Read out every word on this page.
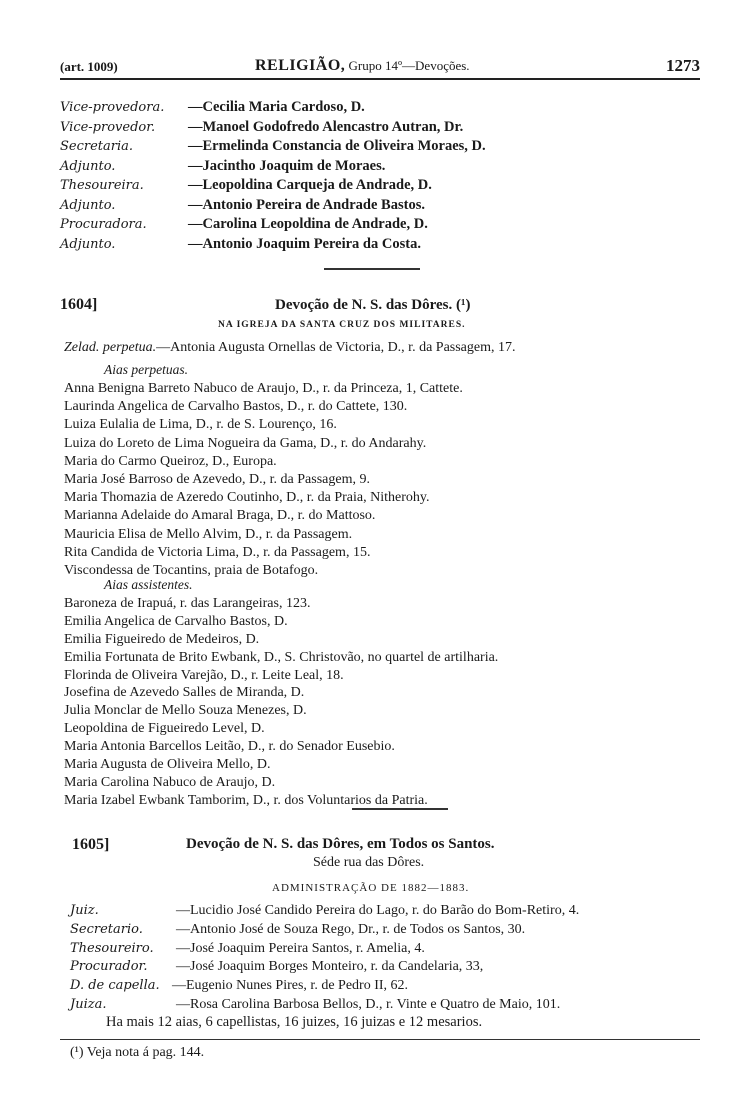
(art. 1009)	RELIGIÃO, Grupo 14º—Devoções.	1273
Vice-provedora. —Cecilia Maria Cardoso, D.
Vice-provedor. —Manoel Godofredo Alencastro Autran, Dr.
Secretaria.	—Ermelinda Constancia de Oliveira Moraes, D.
Adjunto.	—Jacintho Joaquim de Moraes.
Thesoureira.	—Leopoldina Carqueja de Andrade, D.
Adjunto.	—Antonio Pereira de Andrade Bastos.
Procuradora.	—Carolina Leopoldina de Andrade, D.
Adjunto.	—Antonio Joaquim Pereira da Costa.
1604]	Devoção de N. S. das Dôres. (¹)
NA IGREJA DA SANTA CRUZ DOS MILITARES.
Zelad. perpetua.—Antonia Augusta Ornellas de Victoria, D., r. da Passagem, 17.
Aias perpetuas.
Anna Benigna Barreto Nabuco de Araujo, D., r. da Princeza, 1, Cattete.
Laurinda Angelica de Carvalho Bastos, D., r. do Cattete, 130.
Luiza Eulalia de Lima, D., r. de S. Lourenço, 16.
Luiza do Loreto de Lima Nogueira da Gama, D., r. do Andarahy.
Maria do Carmo Queiroz, D., Europa.
Maria José Barroso de Azevedo, D., r. da Passagem, 9.
Maria Thomazia de Azeredo Coutinho, D., r. da Praia, Nitherohy.
Marianna Adelaide do Amaral Braga, D., r. do Mattoso.
Mauricia Elisa de Mello Alvim, D., r. da Passagem.
Rita Candida de Victoria Lima, D., r. da Passagem, 15.
Viscondessa de Tocantins, praia de Botafogo.
Aias assistentes.
Baroneza de Irapuá, r. das Larangeiras, 123.
Emilia Angelica de Carvalho Bastos, D.
Emilia Figueiredo de Medeiros, D.
Emilia Fortunata de Brito Ewbank, D., S. Christovão, no quartel de artilharia.
Florinda de Oliveira Varejão, D., r. Leite Leal, 18.
Josefina de Azevedo Salles de Miranda, D.
Julia Monclar de Mello Souza Menezes, D.
Leopoldina de Figueiredo Level, D.
Maria Antonia Barcellos Leitão, D., r. do Senador Eusebio.
Maria Augusta de Oliveira Mello, D.
Maria Carolina Nabuco de Araujo, D.
Maria Izabel Ewbank Tamborim, D., r. dos Voluntarios da Patria.
1605]	Devoção de N. S. das Dôres, em Todos os Santos.
Séde rua das Dôres.
ADMINISTRAÇÃO DE 1882—1883.
Juiz.	—Lucidio José Candido Pereira do Lago, r. do Barão do Bom-Retiro, 4.
Secretario. —Antonio José de Souza Rego, Dr., r. de Todos os Santos, 30.
Thesoureiro. —José Joaquim Pereira Santos, r. Amelia, 4.
Procurador. —José Joaquim Borges Monteiro, r. da Candelaria, 33,
D. de capella. —Eugenio Nunes Pires, r. de Pedro II, 62.
Juiza.	—Rosa Carolina Barbosa Bellos, D., r. Vinte e Quatro de Maio, 101.
Ha mais 12 aias, 6 capellistas, 16 juizes, 16 juizas e 12 mesarios.
(¹) Veja nota á pag. 144.
